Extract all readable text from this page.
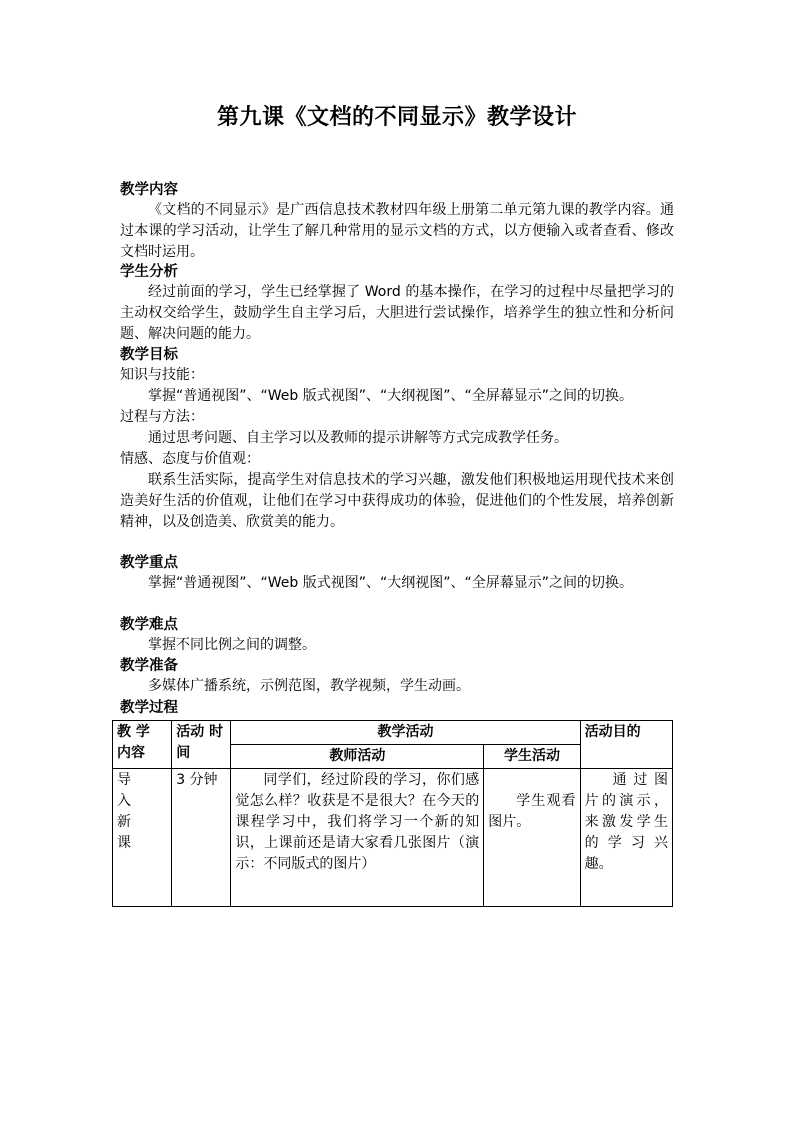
第九课《文档的不同显示》教学设计
教学内容
《文档的不同显示》是广西信息技术教材四年级上册第二单元第九课的教学内容。通过本课的学习活动，让学生了解几种常用的显示文档的方式，以方便输入或者查看、修改文档时运用。
学生分析
经过前面的学习，学生已经掌握了 Word 的基本操作，在学习的过程中尽量把学习的主动权交给学生，鼓励学生自主学习后，大胆进行尝试操作，培养学生的独立性和分析问题、解决问题的能力。
教学目标
知识与技能：
掌握“普通视图”、“Web 版式视图”、“大纲视图”、“全屏幕显示”之间的切换。
过程与方法：
通过思考问题、自主学习以及教师的提示讲解等方式完成教学任务。
情感、态度与价值观：
联系生活实际，提高学生对信息技术的学习兴趣，激发他们积极地运用现代技术来创造美好生活的价值观，让他们在学习中获得成功的体验，促进他们的个性发展，培养创新精神，以及创造美、欣赏美的能力。
教学重点
掌握“普通视图”、“Web 版式视图”、“大纲视图”、“全屏幕显示”之间的切换。
教学难点
掌握不同比例之间的调整。
教学准备
多媒体广播系统，示例范图，教学视频，学生动画。
教学过程
教 学 内容	活动 时间	教学活动		活动目的
		教师活动	学生活动	

导 入 新 课	3 分钟	同学们，经过阶段的学习，你们感觉怎么样？收获是不是很大？在今天的课程学习中，我们将学习一个新的知识，上课前还是请大家看几张图片（演示：不同版式的图片）	学生观看图片。	通过图片的演示，来激发学生的学习兴趣。
